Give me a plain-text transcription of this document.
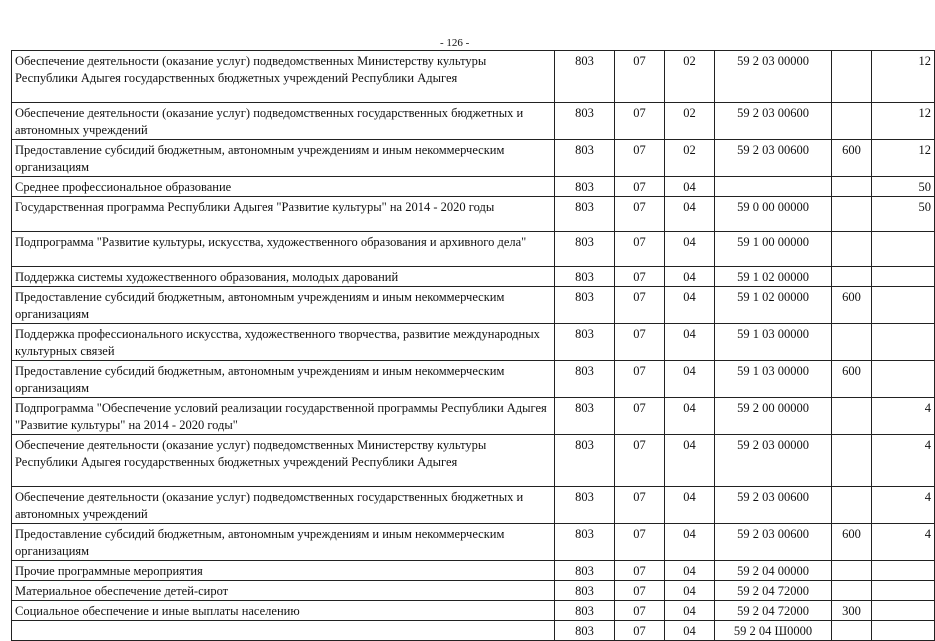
- 126 -
Обеспечение деятельности (оказание услуг) подведомственных Министерству культуры Республики Адыгея государственных бюджетных учреждений Республики Адыгея	803	07	02	59 2 03 00000		12
Обеспечение деятельности (оказание услуг) подведомственных государственных бюджетных и автономных учреждений	803	07	02	59 2 03 00600		12
Предоставление субсидий бюджетным, автономным учреждениям и иным некоммерческим организациям	803	07	02	59 2 03 00600	600	12
Среднее профессиональное образование	803	07	04			50
Государственная программа Республики Адыгея "Развитие культуры" на 2014 - 2020 годы	803	07	04	59 0 00 00000		50
Подпрограмма "Развитие культуры, искусства, художественного образования и архивного дела"	803	07	04	59 1 00 00000		
Поддержка системы художественного образования, молодых дарований	803	07	04	59 1 02 00000		
Предоставление субсидий бюджетным, автономным учреждениям и иным некоммерческим организациям	803	07	04	59 1 02 00000	600	
Поддержка профессионального искусства, художественного творчества, развитие международных культурных связей	803	07	04	59 1 03 00000		
Предоставление субсидий бюджетным, автономным учреждениям и иным некоммерческим организациям	803	07	04	59 1 03 00000	600	
Подпрограмма "Обеспечение условий реализации государственной программы Республики Адыгея "Развитие культуры" на 2014 - 2020 годы"	803	07	04	59 2 00 00000		4
Обеспечение деятельности (оказание услуг) подведомственных Министерству культуры Республики Адыгея государственных бюджетных учреждений Республики Адыгея	803	07	04	59 2 03 00000		4
Обеспечение деятельности (оказание услуг) подведомственных государственных бюджетных и автономных учреждений	803	07	04	59 2 03 00600		4
Предоставление субсидий бюджетным, автономным учреждениям и иным некоммерческим организациям	803	07	04	59 2 03 00600	600	4
Прочие программные мероприятия	803	07	04	59 2 04 00000		
Материальное обеспечение детей-сирот	803	07	04	59 2 04 72000		
Социальное обеспечение и иные выплаты населению	803	07	04	59 2 04 72000	300	
	803	07	04	59 2 04 Ш0000		
